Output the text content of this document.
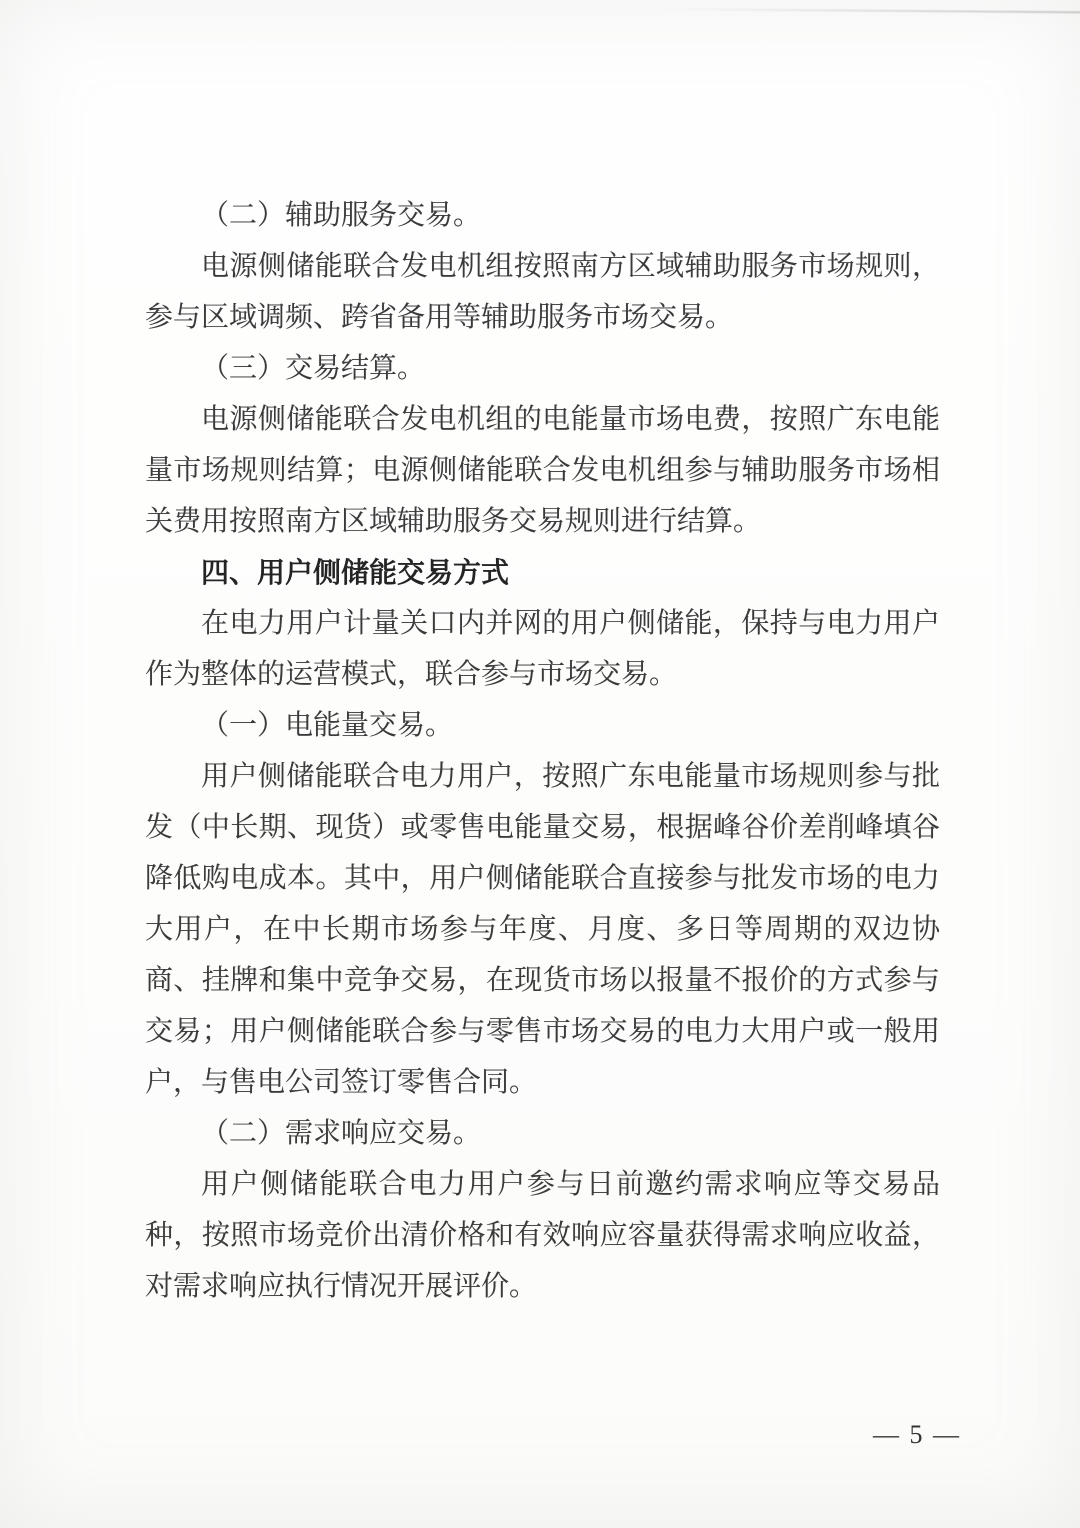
（二）辅助服务交易。

电源侧储能联合发电机组按照南方区域辅助服务市场规则，参与区域调频、跨省备用等辅助服务市场交易。

（三）交易结算。

电源侧储能联合发电机组的电能量市场电费，按照广东电能量市场规则结算；电源侧储能联合发电机组参与辅助服务市场相关费用按照南方区域辅助服务交易规则进行结算。

四、用户侧储能交易方式

在电力用户计量关口内并网的用户侧储能，保持与电力用户作为整体的运营模式，联合参与市场交易。

（一）电能量交易。

用户侧储能联合电力用户，按照广东电能量市场规则参与批发（中长期、现货）或零售电能量交易，根据峰谷价差削峰填谷降低购电成本。其中，用户侧储能联合直接参与批发市场的电力大用户，在中长期市场参与年度、月度、多日等周期的双边协商、挂牌和集中竞争交易，在现货市场以报量不报价的方式参与交易；用户侧储能联合参与零售市场交易的电力大用户或一般用户，与售电公司签订零售合同。

（二）需求响应交易。

用户侧储能联合电力用户参与日前邀约需求响应等交易品种，按照市场竞价出清价格和有效响应容量获得需求响应收益，对需求响应执行情况开展评价。

— 5 —
